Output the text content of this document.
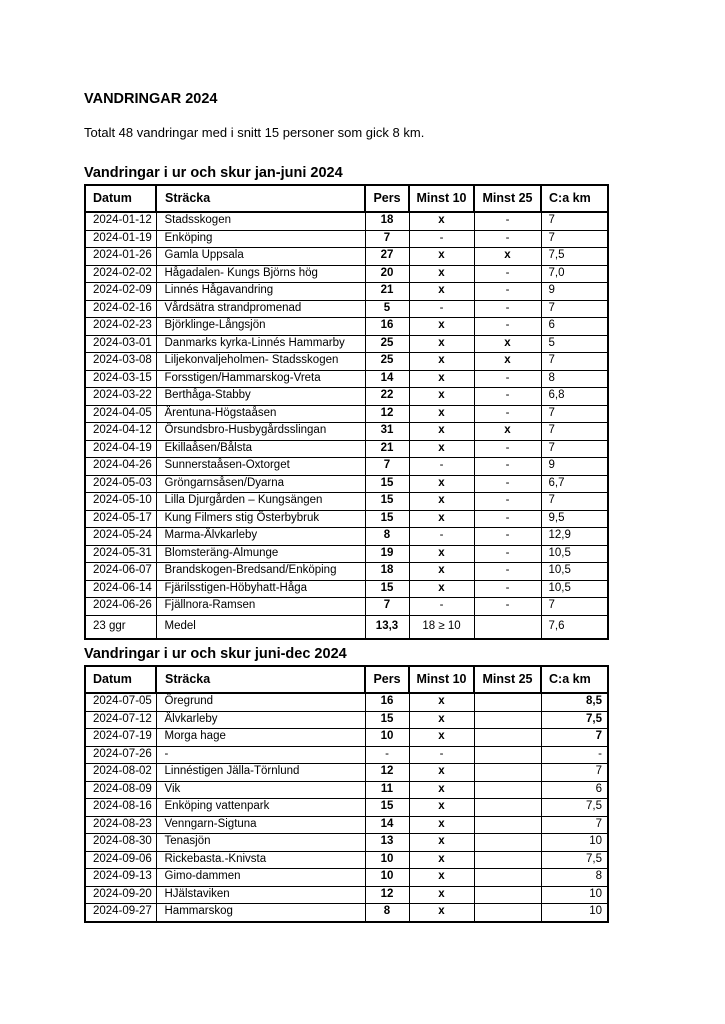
VANDRINGAR 2024

Totalt 48 vandringar med i snitt 15 personer som gick 8 km.

Vandringar i ur och skur jan-juni 2024
Datum	Sträcka	Pers	Minst 10	Minst 25	C:a km
2024-01-12	Stadsskogen	18	x	-	7
2024-01-19	Enköping	7	-	-	7
2024-01-26	Gamla Uppsala	27	x	x	7,5
2024-02-02	Hågadalen- Kungs Björns hög	20	x	-	7,0
2024-02-09	Linnés Hågavandring	21	x	-	9
2024-02-16	Vårdsätra strandpromenad	5	-	-	7
2024-02-23	Björklinge-Långsjön	16	x	-	6
2024-03-01	Danmarks kyrka-Linnés Hammarby	25	x	x	5
2024-03-08	Liljekonvaljeholmen- Stadsskogen	25	x	x	7
2024-03-15	Forsstigen/Hammarskog-Vreta	14	x	-	8
2024-03-22	Berthåga-Stabby	22	x	-	6,8
2024-04-05	Ärentuna-Högstaåsen	12	x	-	7
2024-04-12	Örsundsbro-Husbygårdsslingan	31	x	x	7
2024-04-19	Ekillaåsen/Bålsta	21	x	-	7
2024-04-26	Sunnerstaåsen-Oxtorget	7	-	-	9
2024-05-03	Gröngarnsåsen/Dyarna	15	x	-	6,7
2024-05-10	Lilla Djurgården – Kungsängen	15	x	-	7
2024-05-17	Kung Filmers stig Österbybruk	15	x	-	9,5
2024-05-24	Marma-Älvkarleby	8	-	-	12,9
2024-05-31	Blomsteräng-Almunge	19	x	-	10,5
2024-06-07	Brandskogen-Bredsand/Enköping	18	x	-	10,5
2024-06-14	Fjärilsstigen-Höbyhatt-Håga	15	x	-	10,5
2024-06-26	Fjällnora-Ramsen	7	-	-	7
23 ggr	Medel	13,3	18 ≥ 10		7,6
Vandringar i ur och skur juni-dec 2024
Datum	Sträcka	Pers	Minst 10	Minst 25	C:a km
2024-07-05	Öregrund	16	x		8,5
2024-07-12	Älvkarleby	15	x		7,5
2024-07-19	Morga hage	10	x		7
2024-07-26	-	-	-		-
2024-08-02	Linnéstigen Jälla-Törnlund	12	x		7
2024-08-09	Vik	11	x		6
2024-08-16	Enköping vattenpark	15	x		7,5
2024-08-23	Venngarn-Sigtuna	14	x		7
2024-08-30	Tenasjön	13	x		10
2024-09-06	Rickebasta.-Knivsta	10	x		7,5
2024-09-13	Gimo-dammen	10	x		8
2024-09-20	HJälstaviken	12	x		10
2024-09-27	Hammarskog	8	x		10
